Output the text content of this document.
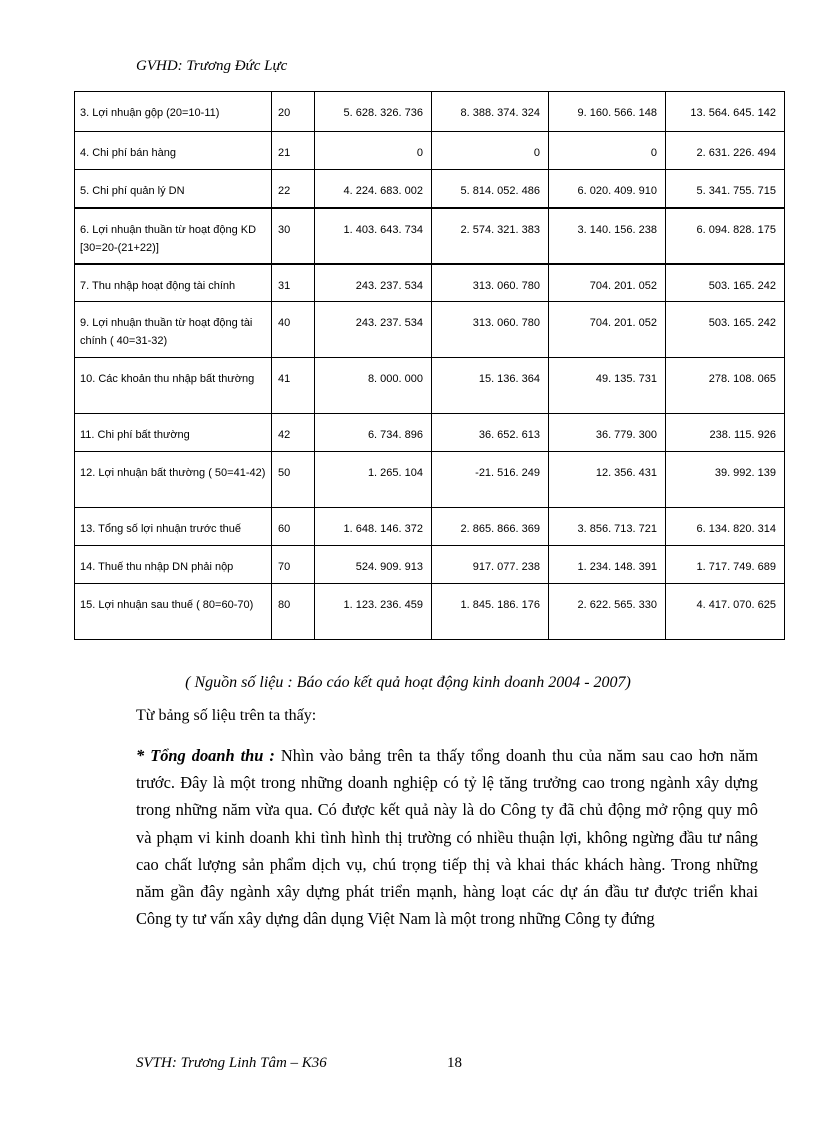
GVHD: Trương Đức Lực
3. Lợi nhuận gộp (20=10-11)	20	5. 628. 326. 736	8. 388. 374. 324	9. 160. 566. 148	13. 564. 645. 142
4. Chi phí bán hàng	21	0	0	0	2. 631. 226. 494
5. Chi phí quản lý DN	22	4. 224. 683. 002	5. 814. 052. 486	6. 020. 409. 910	5. 341. 755. 715
6. Lợi nhuận thuần từ hoạt động KD [30=20-(21+22)]	30	1. 403. 643. 734	2. 574. 321. 383	3. 140. 156. 238	6. 094. 828. 175
7. Thu nhập hoạt động tài chính	31	243. 237. 534	313. 060. 780	704. 201. 052	503. 165. 242
9. Lợi nhuận thuần từ hoạt động tài chính ( 40=31-32)	40	243. 237. 534	313. 060. 780	704. 201. 052	503. 165. 242
10. Các khoản thu nhập bất thường	41	8. 000. 000	15. 136. 364	49. 135. 731	278. 108. 065
11. Chi phí bất thường	42	6. 734. 896	36. 652. 613	36. 779. 300	238. 115. 926
12. Lợi nhuận bất thường ( 50=41-42)	50	1. 265. 104	-21. 516. 249	12. 356. 431	39. 992. 139
13. Tổng số lợi nhuận trước thuế	60	1. 648. 146. 372	2. 865. 866. 369	3. 856. 713. 721	6. 134. 820. 314
14. Thuế thu nhập DN phải nộp	70	524. 909. 913	917. 077. 238	1. 234. 148. 391	1. 717. 749. 689
15. Lợi nhuận sau thuế ( 80=60-70)	80	1. 123. 236. 459	1. 845. 186. 176	2. 622. 565. 330	4. 417. 070. 625
( Nguồn số liệu : Báo cáo kết quả hoạt động kinh doanh 2004 - 2007)
Từ bảng số liệu trên ta thấy:
* Tổng doanh thu : Nhìn vào bảng trên ta thấy tổng doanh thu của năm sau cao hơn năm trước. Đây là một trong những doanh nghiệp có tỷ lệ tăng trưởng cao trong ngành xây dựng trong những năm vừa qua. Có được kết quả này là do Công ty đã chủ động mở rộng quy mô và phạm vi kinh doanh khi tình hình thị trường có nhiều thuận lợi, không ngừng đầu tư nâng cao chất lượng sản phẩm dịch vụ, chú trọng tiếp thị và khai thác khách hàng. Trong những năm gần đây ngành xây dựng phát triển mạnh, hàng loạt các dự án đầu tư được triển khai Công ty tư vấn xây dựng dân dụng Việt Nam là một trong những Công ty đứng
SVTH: Trương Linh Tâm – K36	18
